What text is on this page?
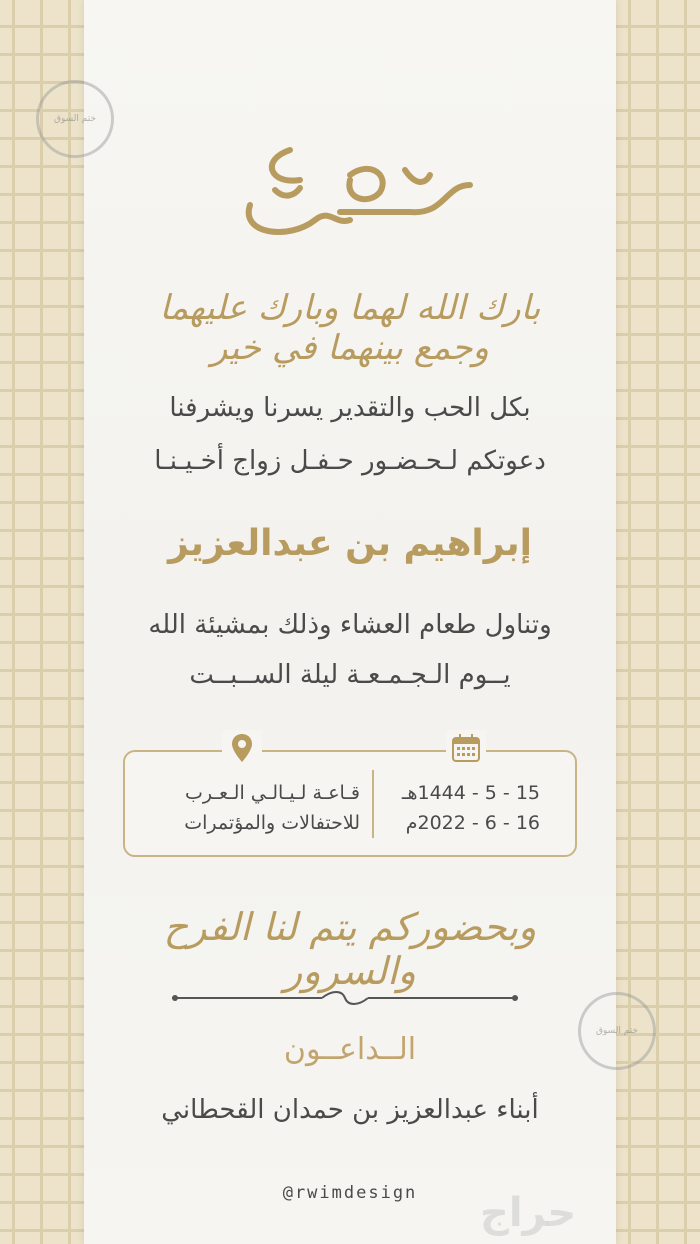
دعوة
بارك الله لهما وبارك عليهما وجمع بينهما في خير
بكل الحب والتقدير يسرنا ويشرفنا
دعوتكم لـحـضـور حـفـل زواج أخـيـنـا
إبراهيم بن عبدالعزيز
وتناول طعام العشاء وذلك بمشيئة الله
يــوم الـجـمـعـة ليلة الســبــت
قـاعـة لـيـالـي الـعـرب
للاحتفالات والمؤتمرات
15 - 5 - 1444هـ
16 - 6 - 2022م
وبحضوركم يتم لنا الفرح والسرور
الــداعــون
أبناء عبدالعزيز بن حمدان القحطاني
@rwimdesign
ختم السوق
ختم السوق
حراج
